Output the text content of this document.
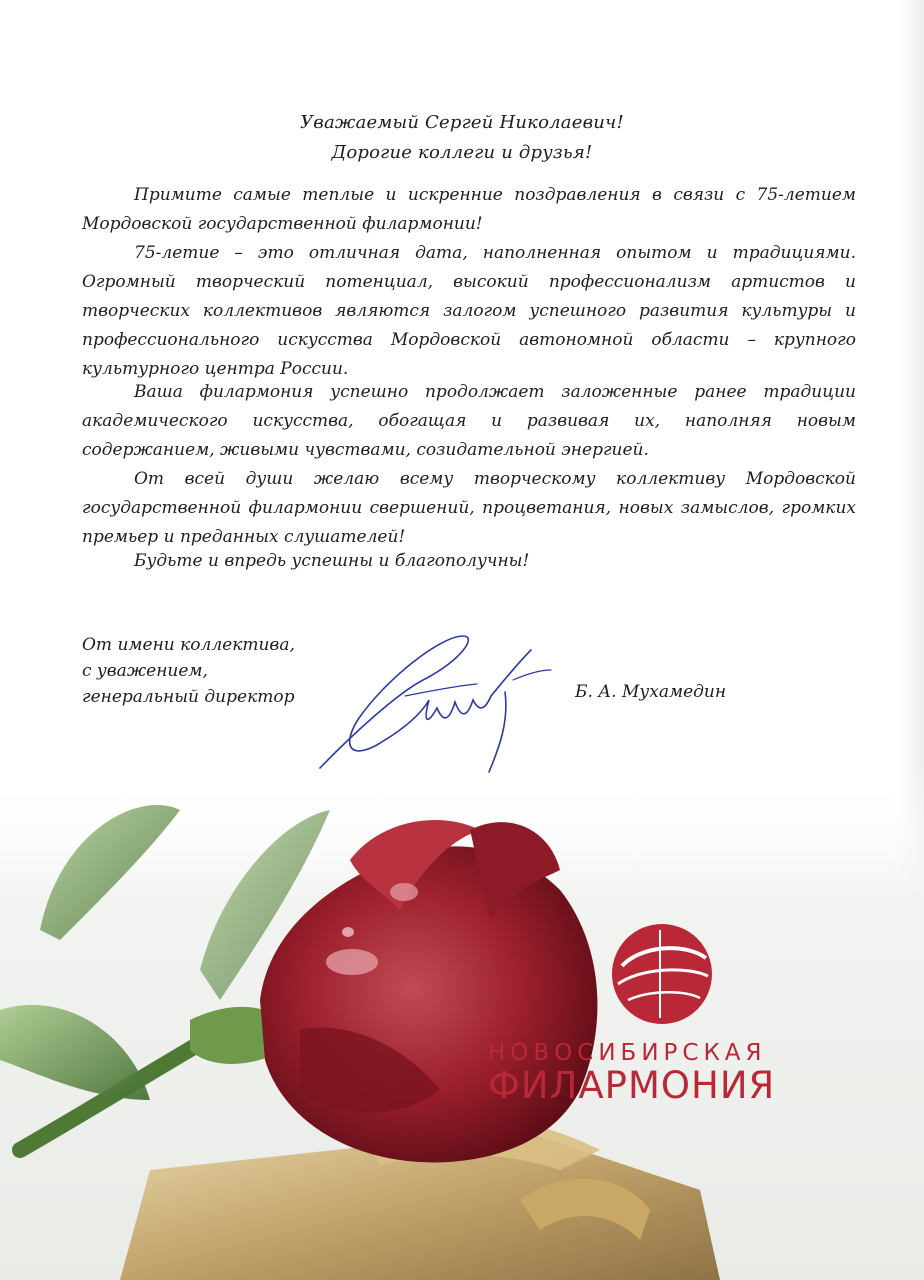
Уважаемый Сергей Николаевич!
Дорогие коллеги и друзья!

Примите самые теплые и искренние поздравления в связи с 75-летием Мордовской государственной филармонии!

75-летие – это отличная дата, наполненная опытом и традициями. Огромный творческий потенциал, высокий профессионализм артистов и творческих коллективов являются залогом успешного развития культуры и профессионального искусства Мордовской автономной области – крупного культурного центра России.

Ваша филармония успешно продолжает заложенные ранее традиции академического искусства, обогащая и развивая их, наполняя новым содержанием, живыми чувствами, созидательной энергией.

От всей души желаю всему творческому коллективу Мордовской государственной филармонии свершений, процветания, новых замыслов, громких премьер и преданных слушателей!

Будьте и впредь успешны и благополучны!

От имени коллектива,
с уважением,
генеральный директор	Б. А. Мухамедин
НОВОСИБИРСКАЯ
ФИЛАРМОНИЯ
